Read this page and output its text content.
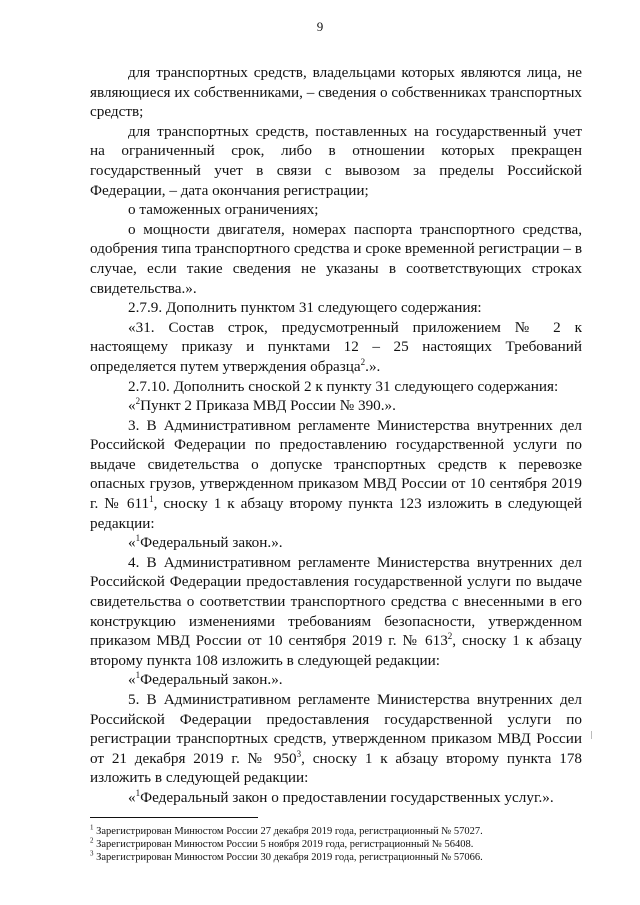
9

для транспортных средств, владельцами которых являются лица, не являющиеся их собственниками, – сведения о собственниках транспортных средств;

для транспортных средств, поставленных на государственный учет на ограниченный срок, либо в отношении которых прекращен государственный учет в связи с вывозом за пределы Российской Федерации, – дата окончания регистрации;

о таможенных ограничениях;

о мощности двигателя, номерах паспорта транспортного средства, одобрения типа транспортного средства и сроке временной регистрации – в случае, если такие сведения не указаны в соответствующих строках свидетельства.».

2.7.9. Дополнить пунктом 31 следующего содержания:

«31. Состав строк, предусмотренный приложением № 2 к настоящему приказу и пунктами 12 – 25 настоящих Требований определяется путем утверждения образца$^2$.».

2.7.10. Дополнить сноской 2 к пункту 31 следующего содержания:

«$^2$Пункт 2 Приказа МВД России № 390.».

3. В Административном регламенте Министерства внутренних дел Российской Федерации по предоставлению государственной услуги по выдаче свидетельства о допуске транспортных средств к перевозке опасных грузов, утвержденном приказом МВД России от 10 сентября 2019 г. № $611^1$, сноску 1 к абзацу второму пункта 123 изложить в следующей редакции:

«$^1$Федеральный закон.».

4. В Административном регламенте Министерства внутренних дел Российской Федерации предоставления государственной услуги по выдаче свидетельства о соответствии транспортного средства с внесенными в его конструкцию изменениями требованиям безопасности, утвержденном приказом МВД России от 10 сентября 2019 г. № $613^2$, сноску 1 к абзацу второму пункта 108 изложить в следующей редакции:

«$^1$Федеральный закон.».

5. В Административном регламенте Министерства внутренних дел Российской Федерации предоставления государственной услуги по регистрации транспортных средств, утвержденном приказом МВД России от 21 декабря 2019 г. № $950^3$, сноску 1 к абзацу второму пункта 178 изложить в следующей редакции:

«$^1$Федеральный закон о предоставлении государственных услуг.».

$^1$ Зарегистрирован Минюстом России 27 декабря 2019 года, регистрационный № 57027.

$^2$ Зарегистрирован Минюстом России 5 ноября 2019 года, регистрационный № 56408.

$^3$ Зарегистрирован Минюстом России 30 декабря 2019 года, регистрационный № 57066.
